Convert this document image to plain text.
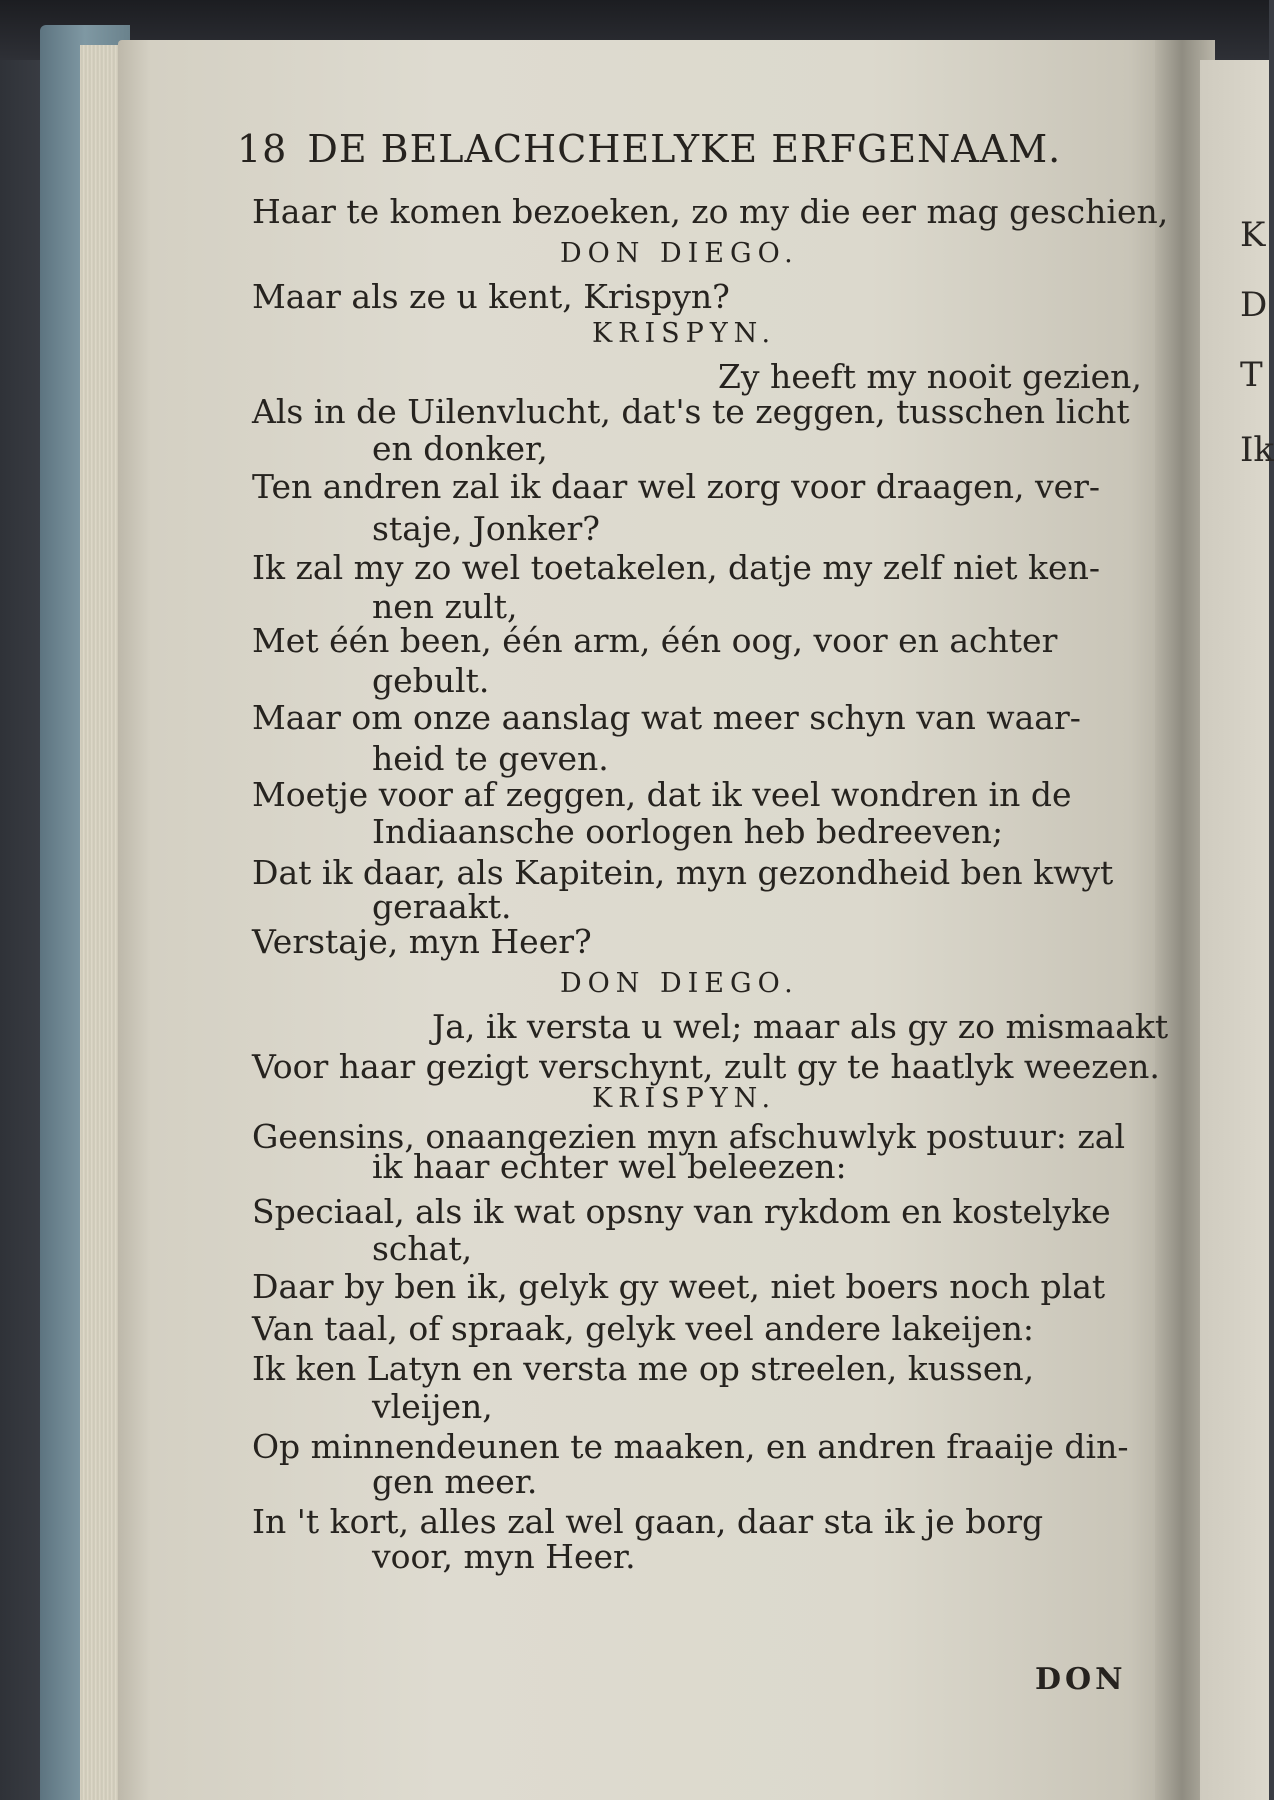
K
D
T
Ik
18 DE BELACHCHELYKE ERFGENAAM.
Haar te komen bezoeken, zo my die eer mag geschien,
DON DIEGO.
Maar als ze u kent, Krispyn?
KRISPYN.
Zy heeft my nooit gezien,
Als in de Uilenvlucht, dat's te zeggen, tusschen licht
en donker,
Ten andren zal ik daar wel zorg voor draagen, ver-
staje, Jonker?
Ik zal my zo wel toetakelen, datje my zelf niet ken-
nen zult,
Met één been, één arm, één oog, voor en achter
gebult.
Maar om onze aanslag wat meer schyn van waar-
heid te geven.
Moetje voor af zeggen, dat ik veel wondren in de
Indiaansche oorlogen heb bedreeven;
Dat ik daar, als Kapitein, myn gezondheid ben kwyt
geraakt.
Verstaje, myn Heer?
DON DIEGO.
Ja, ik versta u wel; maar als gy zo mismaakt
Voor haar gezigt verschynt, zult gy te haatlyk weezen.
KRISPYN.
Geensins, onaangezien myn afschuwlyk postuur: zal
ik haar echter wel beleezen:
Speciaal, als ik wat opsny van rykdom en kostelyke
schat,
Daar by ben ik, gelyk gy weet, niet boers noch plat
Van taal, of spraak, gelyk veel andere lakeijen:
Ik ken Latyn en versta me op streelen, kussen,
vleijen,
Op minnendeunen te maaken, en andren fraaije din-
gen meer.
In 't kort, alles zal wel gaan, daar sta ik je borg
voor, myn Heer.
DON
